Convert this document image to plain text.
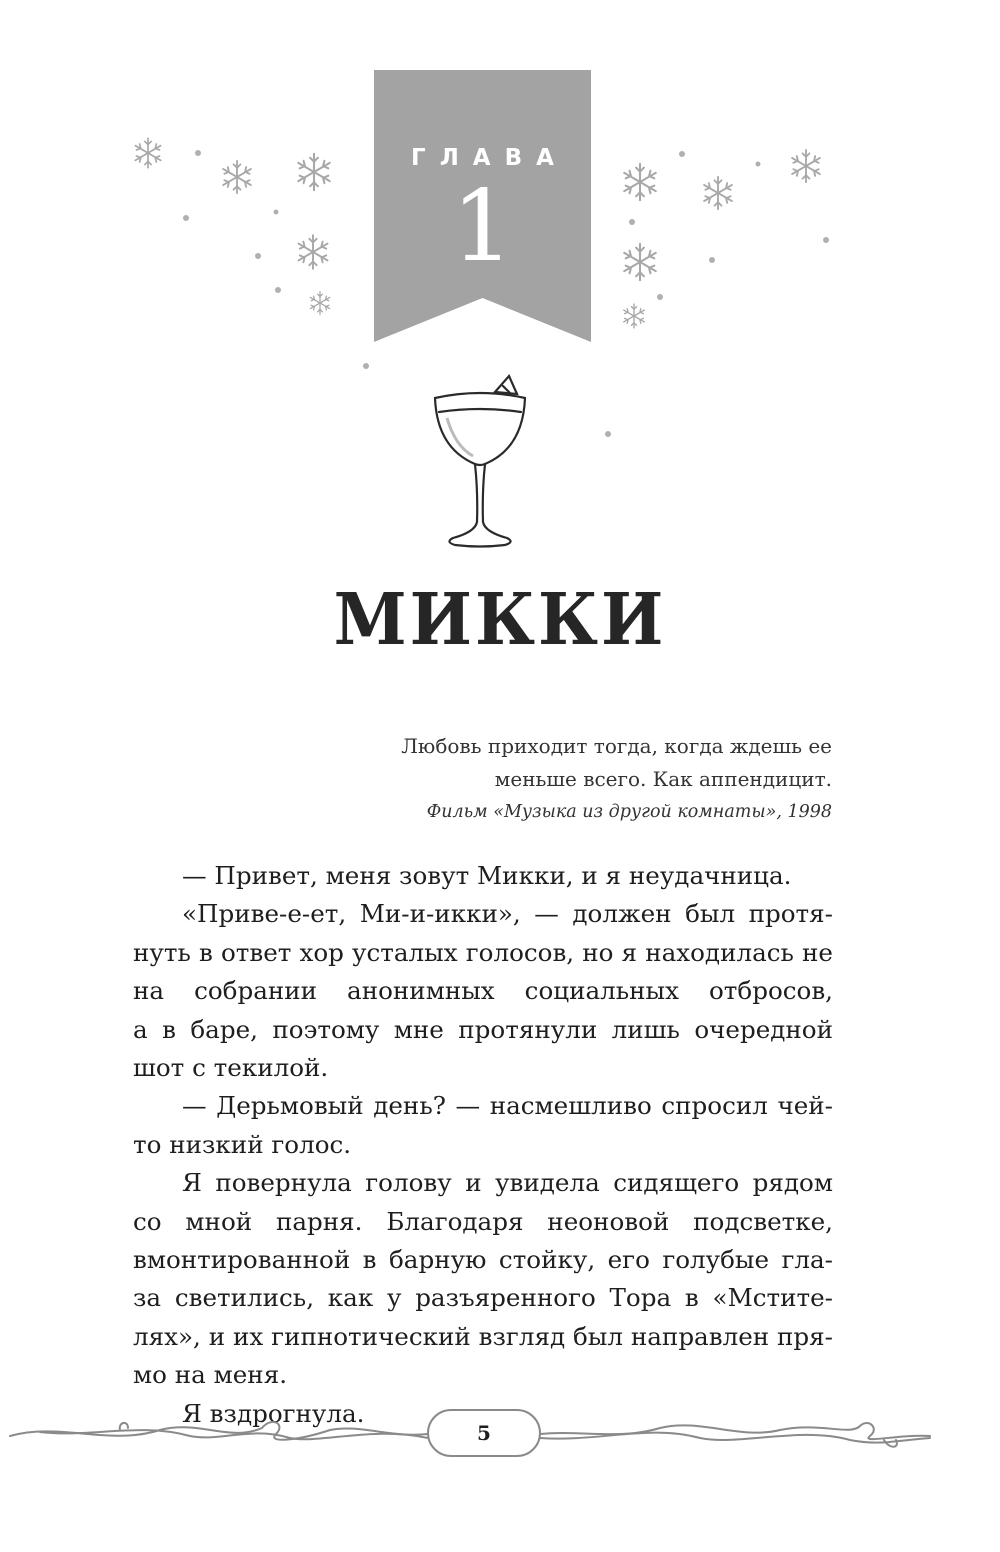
ГЛАВА
1
МИККИ
Любовь приходит тогда, когда ждешь ее
меньше всего. Как аппендицит.
Фильм «Музыка из другой комнаты», 1998

— Привет, меня зовут Микки, и я неудачница.

«Приве-е-ет, Ми-и-икки», — должен был протя-
нуть в ответ хор усталых голосов, но я находилась не
на собрании анонимных социальных отбросов,
а в баре, поэтому мне протянули лишь очередной
шот с текилой.

— Дерьмовый день? — насмешливо спросил чей-
то низкий голос.

Я повернула голову и увидела сидящего рядом
со мной парня. Благодаря неоновой подсветке,
вмонтированной в барную стойку, его голубые гла-
за светились, как у разъяренного Тора в «Мстите-
лях», и их гипнотический взгляд был направлен пря-
мо на меня.

Я вздрогнула.

5
